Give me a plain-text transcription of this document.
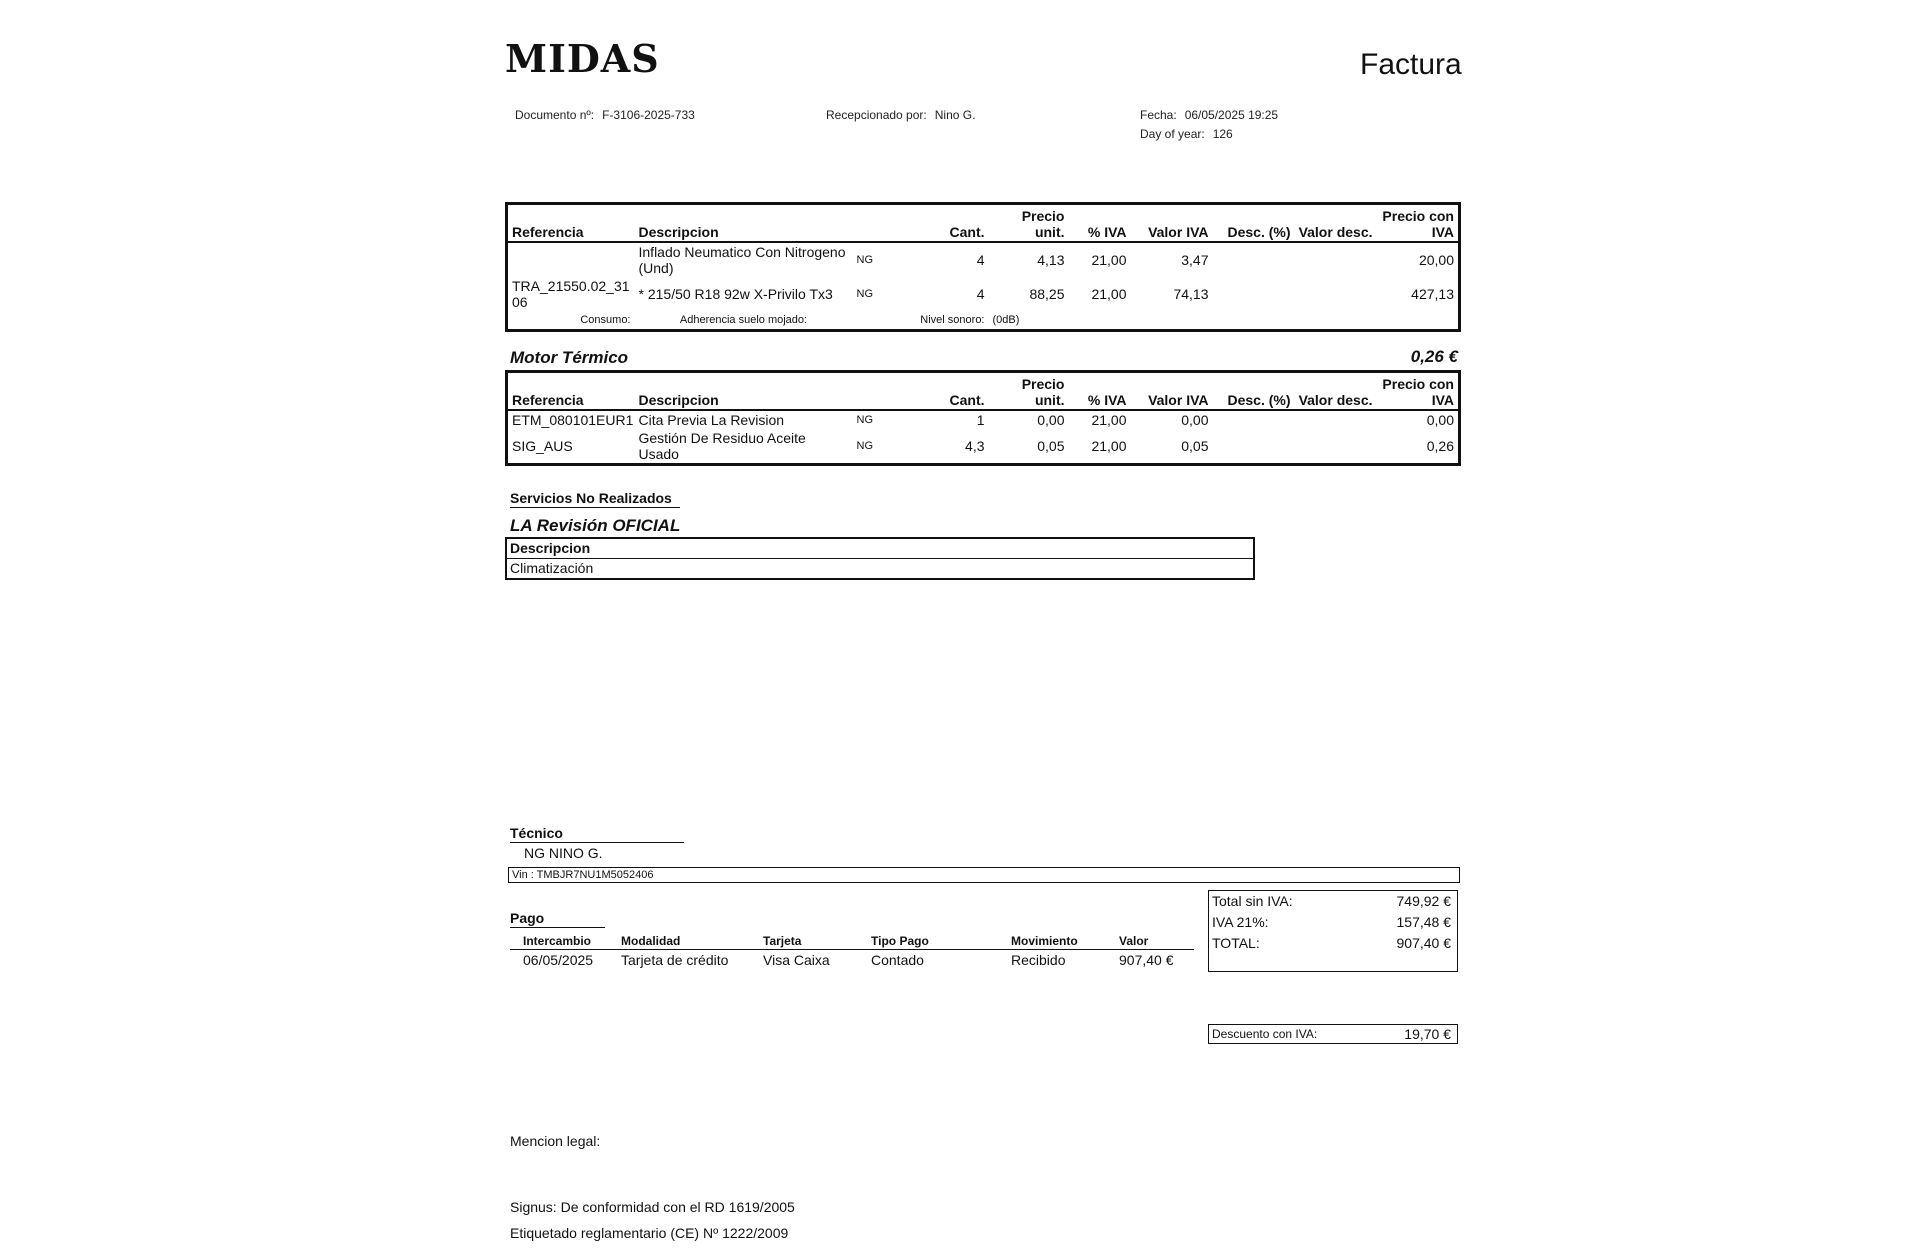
MIDAS	Factura
Documento nº: F-3106-2025-733	Recepcionado por: Nino G.	Fecha: 06/05/2025 19:25
Day of year: 126
Referencia	Descripcion		Cant.	Precio unit.	% IVA	Valor IVA	Desc. (%)	Valor desc.	Precio con IVA
	Inflado Neumatico Con Nitrogeno (Und)	NG	4	4,13	21,00	3,47			20,00
TRA_21550.02_3106	* 215/50 R18 92w X-Privilo Tx3	NG	4	88,25	21,00	74,13			427,13
Consumo:	Adherencia suelo mojado:	Nivel sonoro:		(0dB)					
Motor Térmico	0,26 €
Referencia	Descripcion		Cant.	Precio unit.	% IVA	Valor IVA	Desc. (%)	Valor desc.	Precio con IVA
ETM_080101EUR1	Cita Previa La Revision	NG	1	0,00	21,00	0,00			0,00
SIG_AUS	Gestión De Residuo Aceite Usado	NG	4,3	0,05	21,00	0,05			0,26
Servicios No Realizados
LA Revisión OFICIAL
Descripcion
Climatización
Técnico
NG NINO G.
Vin : TMBJR7NU1M5052406
Pago
Intercambio	Modalidad	Tarjeta	Tipo Pago	Movimiento	Valor
06/05/2025	Tarjeta de crédito	Visa Caixa	Contado	Recibido	907,40 €
Total sin IVA:	749,92 €
IVA 21%:	157,48 €
TOTAL:	907,40 €
Descuento con IVA:	19,70 €
Mencion legal:
Signus: De conformidad con el RD 1619/2005
Etiquetado reglamentario (CE) Nº 1222/2009
